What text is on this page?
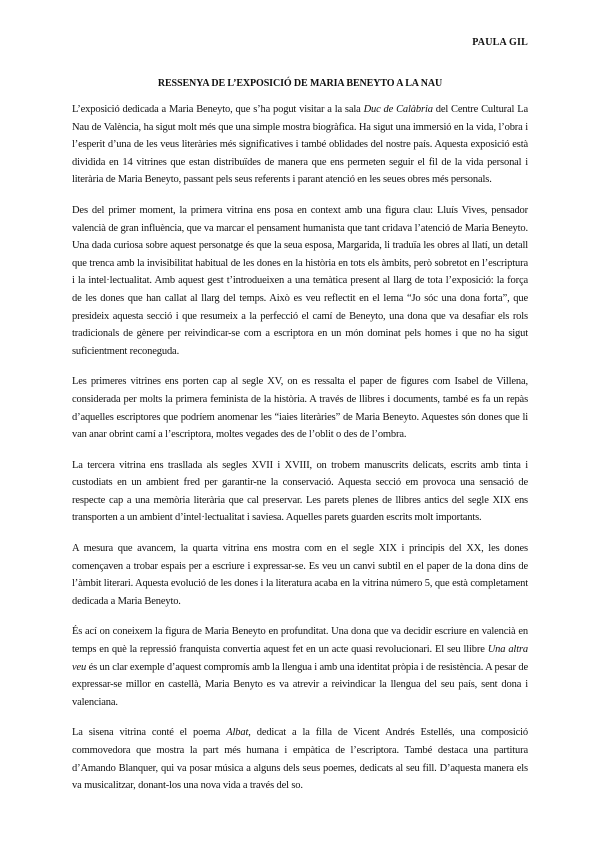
PAULA GIL
RESSENYA DE L’EXPOSICIÓ DE MARIA BENEYTO A LA NAU

L’exposició dedicada a Maria Beneyto, que s’ha pogut visitar a la sala Duc de Calàbria del Centre Cultural La Nau de València, ha sigut molt més que una simple mostra biogràfica. Ha sigut una immersió en la vida, l’obra i l’esperit d’una de les veus literàries més significatives i també oblidades del nostre país. Aquesta exposició està dividida en 14 vitrines que estan distribuïdes de manera que ens permeten seguir el fil de la vida personal i literària de Maria Beneyto, passant pels seus referents i parant atenció en les seues obres més personals.

Des del primer moment, la primera vitrina ens posa en context amb una figura clau: Lluís Vives, pensador valencià de gran influència, que va marcar el pensament humanista que tant cridava l’atenció de Maria Beneyto. Una dada curiosa sobre aquest personatge és que la seua esposa, Margarida, li traduïa les obres al llatí, un detall que trenca amb la invisibilitat habitual de les dones en la història en tots els àmbits, però sobretot en l’escriptura i la intel·lectualitat. Amb aquest gest t’introdueixen a una temàtica present al llarg de tota l’exposició: la força de les dones que han callat al llarg del temps. Això es veu reflectit en el lema “Jo sóc una dona forta”, que presideix aquesta secció i que resumeix a la perfecció el camí de Beneyto, una dona que va desafiar els rols tradicionals de gènere per reivindicar-se com a escriptora en un món dominat pels homes i que no ha sigut suficientment reconeguda.

Les primeres vitrines ens porten cap al segle XV, on es ressalta el paper de figures com Isabel de Villena, considerada per molts la primera feminista de la història. A través de llibres i documents, també es fa un repàs d’aquelles escriptores que podríem anomenar les “iaies literàries” de Maria Beneyto. Aquestes són dones que li van anar obrint camí a l’escriptora, moltes vegades des de l’oblit o des de l’ombra.

La tercera vitrina ens trasllada als segles XVII i XVIII, on trobem manuscrits delicats, escrits amb tinta i custodiats en un ambient fred per garantir-ne la conservació. Aquesta secció em provoca una sensació de respecte cap a una memòria literària que cal preservar. Les parets plenes de llibres antics del segle XIX ens transporten a un ambient d’intel·lectualitat i saviesa. Aquelles parets guarden escrits molt importants.

A mesura que avancem, la quarta vitrina ens mostra com en el segle XIX i principis del XX, les dones començaven a trobar espais per a escriure i expressar-se. Es veu un canvi subtil en el paper de la dona dins de l’àmbit literari. Aquesta evolució de les dones i la literatura acaba en la vitrina número 5, que està completament dedicada a Maria Beneyto.

És ací on coneixem la figura de Maria Beneyto en profunditat. Una dona que va decidir escriure en valencià en temps en què la repressió franquista convertia aquest fet en un acte quasi revolucionari. El seu llibre Una altra veu és un clar exemple d’aquest compromís amb la llengua i amb una identitat pròpia i de resistència. A pesar de expressar-se millor en castellà, Maria Benyto es va atrevir a reivindicar la llengua del seu país, sent dona i valenciana.

La sisena vitrina conté el poema Albat, dedicat a la filla de Vicent Andrés Estellés, una composició commovedora que mostra la part més humana i empàtica de l’escriptora. També destaca una partitura d’Amando Blanquer, qui va posar música a alguns dels seus poemes, dedicats al seu fill. D’aquesta manera els va musicalitzar, donant-los una nova vida a través del so.
